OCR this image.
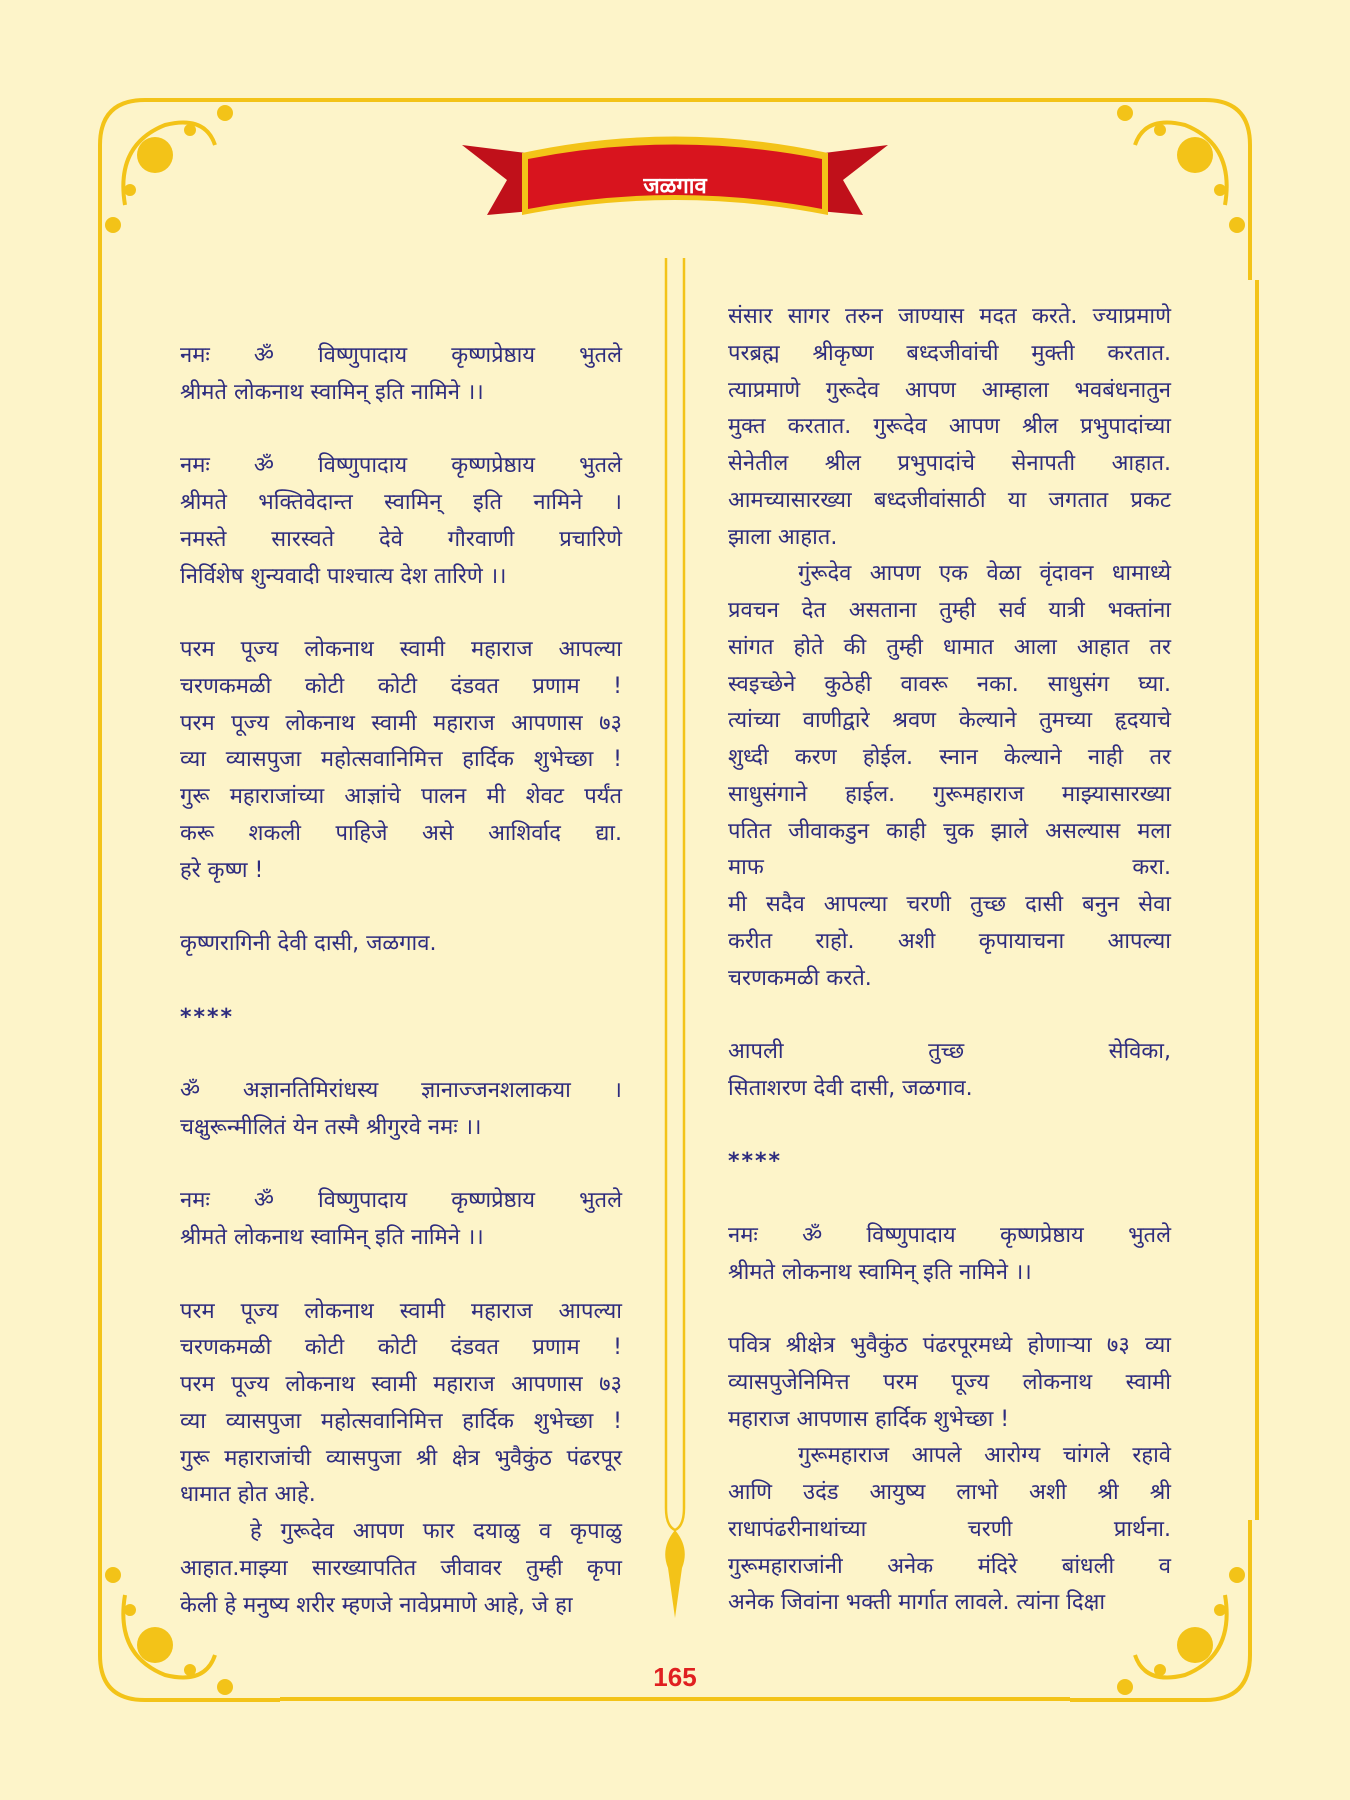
जळगाव
नमः ॐ विष्णुपादाय कृष्णप्रेष्ठाय भुतले
श्रीमते लोकनाथ स्वामिन् इति नामिने ।।
नमः ॐ विष्णुपादाय कृष्णप्रेष्ठाय भुतले
श्रीमते भक्तिवेदान्त स्वामिन् इति नामिने ।
नमस्ते सारस्वते देवे गौरवाणी प्रचारिणे
निर्विशेष शुन्यवादी पाश्चात्य देश तारिणे ।।
परम पूज्य लोकनाथ स्वामी महाराज आपल्या
चरणकमळी कोटी कोटी दंडवत प्रणाम !
परम पूज्य लोकनाथ स्वामी महाराज आपणास ७३
व्या व्यासपुजा महोत्सवानिमित्त हार्दिक शुभेच्छा !
गुरू महाराजांच्या आज्ञांचे पालन मी शेवट पर्यंत
करू शकली पाहिजे असे आशिर्वाद द्या.
हरे कृष्ण !
कृष्णरागिनी देवी दासी, जळगाव.
****
ॐ अज्ञानतिमिरांधस्य ज्ञानाज्जनशलाकया ।
चक्षुरून्मीलितं येन तस्मै श्रीगुरवे नमः ।।
नमः ॐ विष्णुपादाय कृष्णप्रेष्ठाय भुतले
श्रीमते लोकनाथ स्वामिन् इति नामिने ।।
परम पूज्य लोकनाथ स्वामी महाराज आपल्या
चरणकमळी कोटी कोटी दंडवत प्रणाम !
परम पूज्य लोकनाथ स्वामी महाराज आपणास ७३
व्या व्यासपुजा महोत्सवानिमित्त हार्दिक शुभेच्छा !
गुरू महाराजांची व्यासपुजा श्री क्षेत्र भुवैकुंठ पंढरपूर
धामात होत आहे.
हे गुरूदेव आपण फार दयाळु व कृपाळु
आहात.माझ्या सारख्यापतित जीवावर तुम्ही कृपा
केली हे मनुष्य शरीर म्हणजे नावेप्रमाणे आहे, जे हा
संसार सागर तरुन जाण्यास मदत करते. ज्याप्रमाणे
परब्रह्म श्रीकृष्ण बध्दजीवांची मुक्ती करतात.
त्याप्रमाणे गुरूदेव आपण आम्हाला भवबंधनातुन
मुक्त करतात. गुरूदेव आपण श्रील प्रभुपादांच्या
सेनेतील श्रील प्रभुपादांचे सेनापती आहात.
आमच्यासारख्या बध्दजीवांसाठी या जगतात प्रकट
झाला आहात.
गुंरूदेव आपण एक वेळा वृंदावन धामाध्ये
प्रवचन देत असताना तुम्ही सर्व यात्री भक्तांना
सांगत होते की तुम्ही धामात आला आहात तर
स्वइच्छेने कुठेही वावरू नका. साधुसंग घ्या.
त्यांच्या वाणीद्वारे श्रवण केल्याने तुमच्या हृदयाचे
शुध्दी करण होईल. स्नान केल्याने नाही तर
साधुसंगाने हाईल. गुरूमहाराज माझ्यासारख्या
पतित जीवाकडुन काही चुक झाले असल्यास मला
माफ करा.
मी सदैव आपल्या चरणी तुच्छ दासी बनुन सेवा
करीत राहो. अशी कृपायाचना आपल्या
चरणकमळी करते.
आपली तुच्छ सेविका,
सिताशरण देवी दासी, जळगाव.
****
नमः ॐ विष्णुपादाय कृष्णप्रेष्ठाय भुतले
श्रीमते लोकनाथ स्वामिन् इति नामिने ।।
पवित्र श्रीक्षेत्र भुवैकुंठ पंढरपूरमध्ये होणाऱ्या ७३ व्या
व्यासपुजेनिमित्त परम पूज्य लोकनाथ स्वामी
महाराज आपणास हार्दिक शुभेच्छा !
गुरूमहाराज आपले आरोग्य चांगले रहावे
आणि उदंड आयुष्य लाभो अशी श्री श्री
राधापंढरीनाथांच्या चरणी प्रार्थना.
गुरूमहाराजांनी अनेक मंदिरे बांधली व
अनेक जिवांना भक्ती मार्गात लावले. त्यांना दिक्षा
165
